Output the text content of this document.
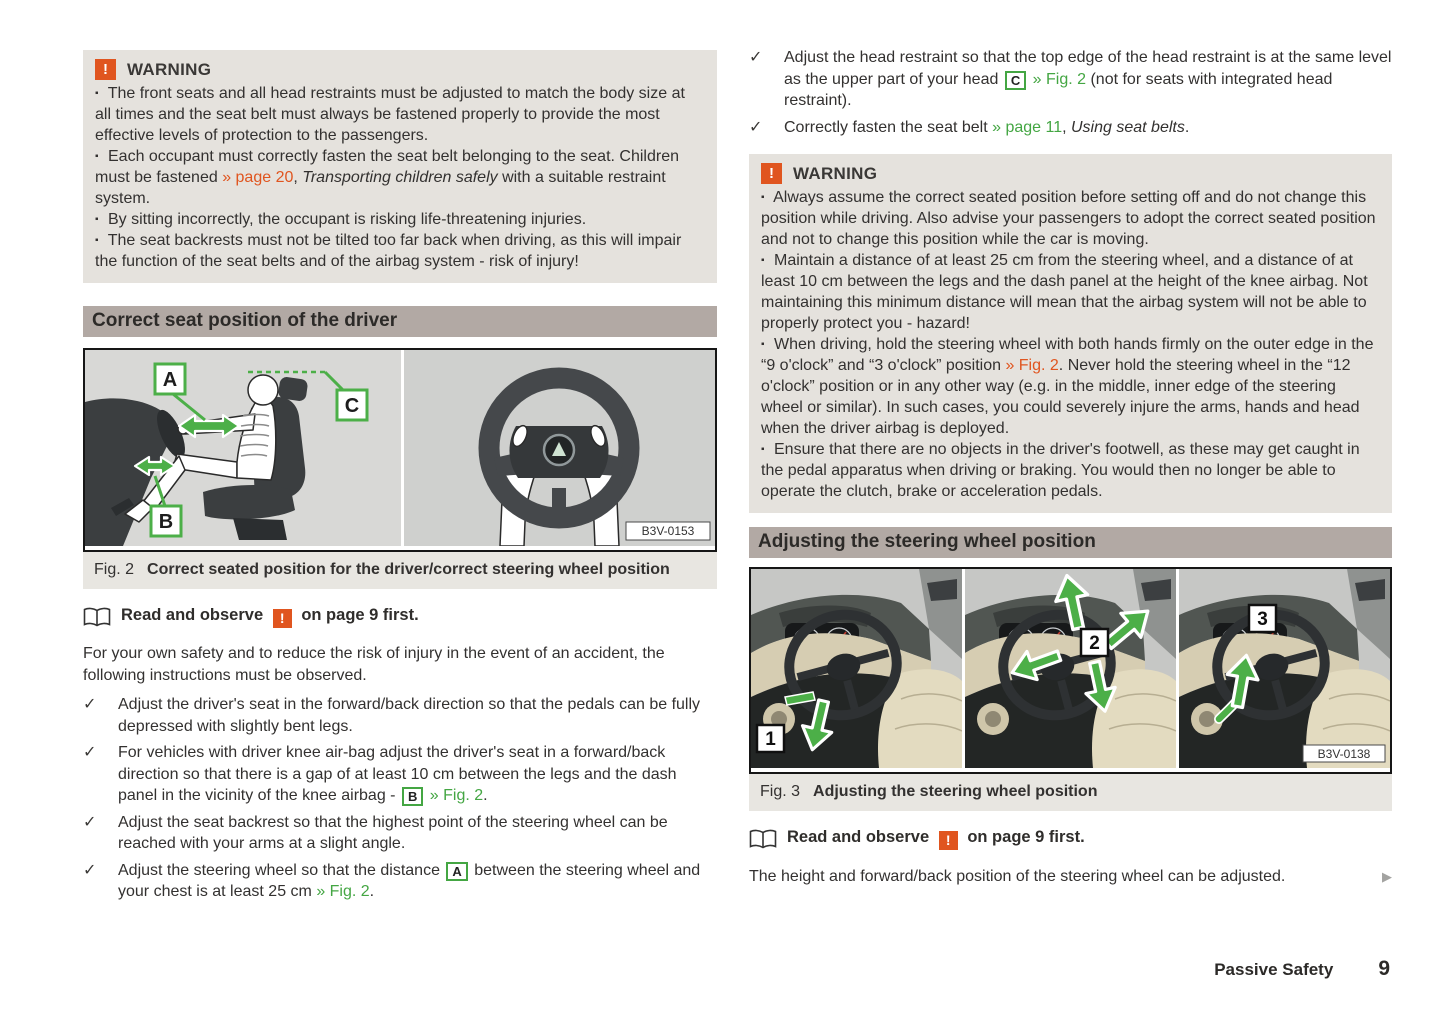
!	WARNING

▪ The front seats and all head restraints must be adjusted to match the body size at all times and the seat belt must always be fastened properly to provide the most effective levels of protection to the passengers.

▪ Each occupant must correctly fasten the seat belt belonging to the seat. Children must be fastened » page 20, Transporting children safely with a suitable restraint system.

▪ By sitting incorrectly, the occupant is risking life-threatening injuries.

▪ The seat backrests must not be tilted too far back when driving, as this will impair the function of the seat belts and of the airbag system - risk of injury!

Correct seat position of the driver
A
C
B	B3V-0153
Fig. 2 Correct seated position for the driver/correct steering wheel position
Read and observe ! on page 9 first.
For your own safety and to reduce the risk of injury in the event of an accident, the following instructions must be observed.
✓	Adjust the driver's seat in the forward/back direction so that the pedals can be fully depressed with slightly bent legs.
✓	For vehicles with driver knee air-bag adjust the driver's seat in a forward/back direction so that there is a gap of at least 10 cm between the legs and the dash panel in the vicinity of the knee airbag - B » Fig. 2.
✓	Adjust the seat backrest so that the highest point of the steering wheel can be reached with your arms at a slight angle.
✓	Adjust the steering wheel so that the distance A between the steering wheel and your chest is at least 25 cm » Fig. 2.
✓	Adjust the head restraint so that the top edge of the head restraint is at the same level as the upper part of your head C » Fig. 2 (not for seats with integrated head restraint).
✓	Correctly fasten the seat belt » page 11, Using seat belts.
!	WARNING

▪ Always assume the correct seated position before setting off and do not change this position while driving. Also advise your passengers to adopt the correct seated position and not to change this position while the car is moving.

▪ Maintain a distance of at least 25 cm from the steering wheel, and a distance of at least 10 cm between the legs and the dash panel at the height of the knee airbag. Not maintaining this minimum distance will mean that the airbag system will not be able to properly protect you - hazard!

▪ When driving, hold the steering wheel with both hands firmly on the outer edge in the “9 o'clock” and “3 o'clock” position » Fig. 2. Never hold the steering wheel in the “12 o'clock” position or in any other way (e.g. in the middle, inner edge of the steering wheel or similar). In such cases, you could severely injure the arms, hands and head when the driver airbag is deployed.

▪ Ensure that there are no objects in the driver's footwell, as these may get caught in the pedal apparatus when driving or braking. You would then no longer be able to operate the clutch, brake or acceleration pedals.

Adjusting the steering wheel position
1
2
3
B3V-0138
Fig. 3 Adjusting the steering wheel position
Read and observe ! on page 9 first.
The height and forward/back position of the steering wheel can be adjusted.	▶
Passive Safety 9
